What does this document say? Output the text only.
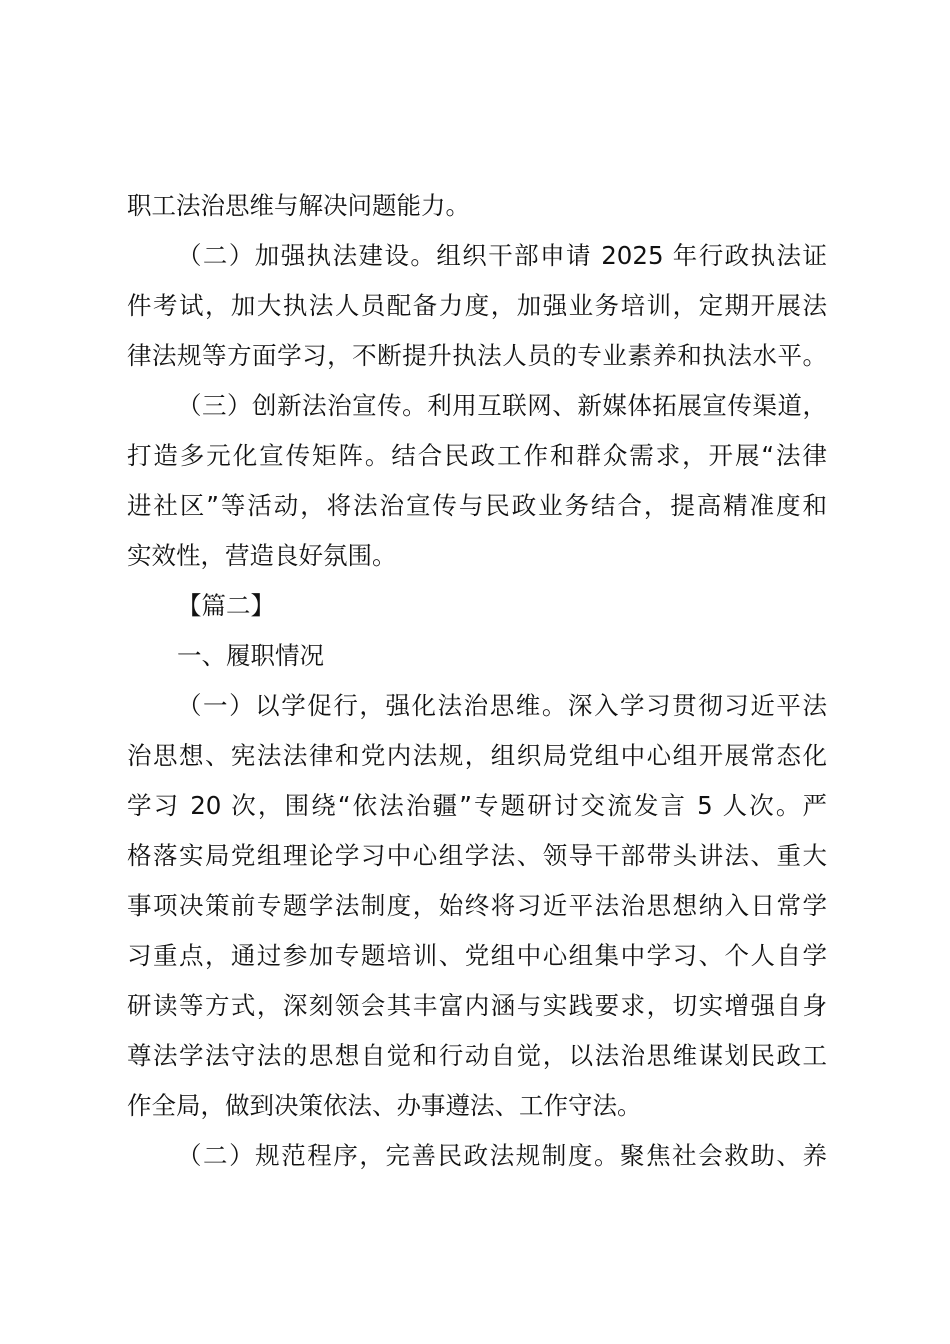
职工法治思维与解决问题能力。
（二）加强执法建设。组织干部申请 2025 年行政执法证
件考试，加大执法人员配备力度，加强业务培训，定期开展法
律法规等方面学习，不断提升执法人员的专业素养和执法水平。
（三）创新法治宣传。利用互联网、新媒体拓展宣传渠道，
打造多元化宣传矩阵。结合民政工作和群众需求，开展“法律
进社区”等活动，将法治宣传与民政业务结合，提高精准度和
实效性，营造良好氛围。
【篇二】
一、履职情况
（一）以学促行，强化法治思维。深入学习贯彻习近平法
治思想、宪法法律和党内法规，组织局党组中心组开展常态化
学习 20 次，围绕“依法治疆”专题研讨交流发言 5 人次。严
格落实局党组理论学习中心组学法、领导干部带头讲法、重大
事项决策前专题学法制度，始终将习近平法治思想纳入日常学
习重点，通过参加专题培训、党组中心组集中学习、个人自学
研读等方式，深刻领会其丰富内涵与实践要求，切实增强自身
尊法学法守法的思想自觉和行动自觉，以法治思维谋划民政工
作全局，做到决策依法、办事遵法、工作守法。
（二）规范程序，完善民政法规制度。聚焦社会救助、养
